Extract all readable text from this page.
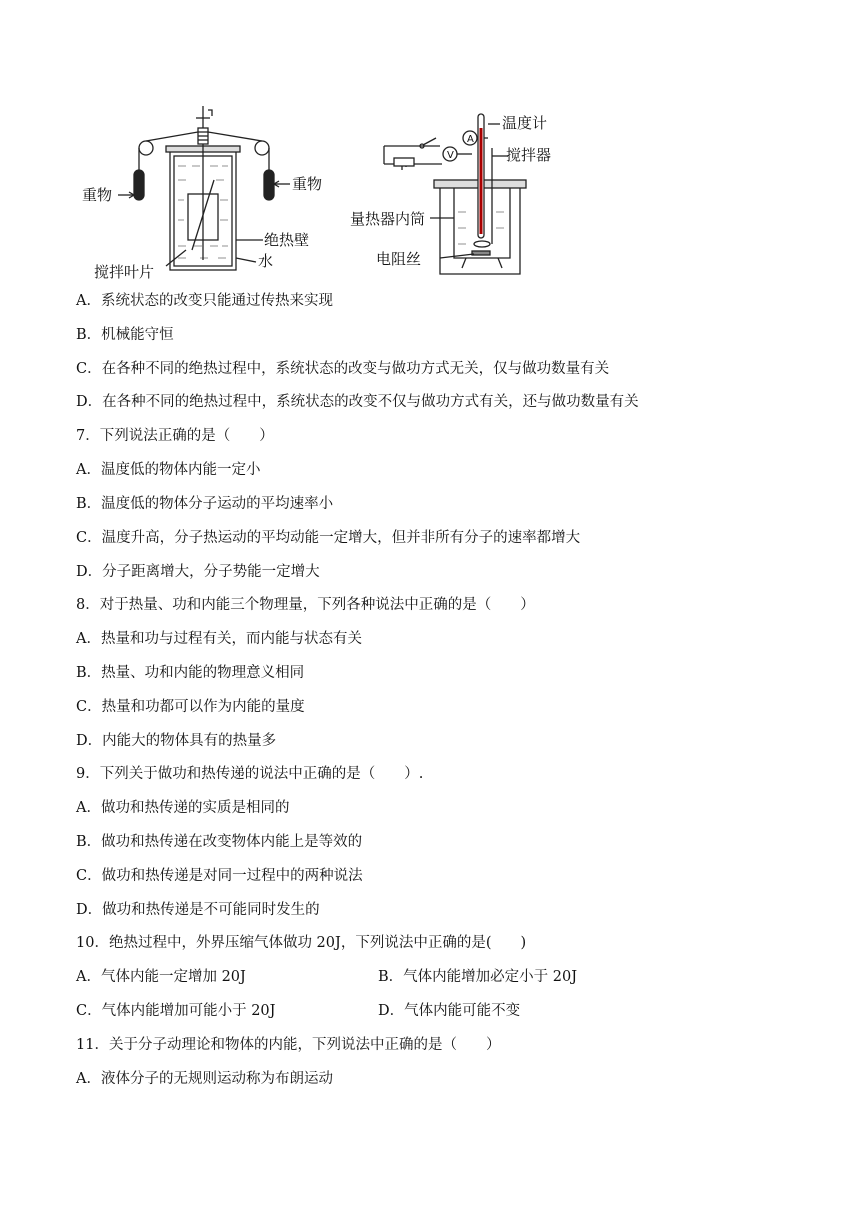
重物
重物
绝热壁
水
搅拌叶片
V
A
温度计
搅拌器
量热器内筒
电阻丝
A．系统状态的改变只能通过传热来实现
B．机械能守恒
C．在各种不同的绝热过程中，系统状态的改变与做功方式无关，仅与做功数量有关
D．在各种不同的绝热过程中，系统状态的改变不仅与做功方式有关，还与做功数量有关
7．下列说法正确的是（　　）
A．温度低的物体内能一定小
B．温度低的物体分子运动的平均速率小
C．温度升高，分子热运动的平均动能一定增大，但并非所有分子的速率都增大
D．分子距离增大，分子势能一定增大
8．对于热量、功和内能三个物理量，下列各种说法中正确的是（　　）
A．热量和功与过程有关，而内能与状态有关
B．热量、功和内能的物理意义相同
C．热量和功都可以作为内能的量度
D．内能大的物体具有的热量多
9．下列关于做功和热传递的说法中正确的是（　　）.
A．做功和热传递的实质是相同的
B．做功和热传递在改变物体内能上是等效的
C．做功和热传递是对同一过程中的两种说法
D．做功和热传递是不可能同时发生的
10．绝热过程中，外界压缩气体做功 20J，下列说法中正确的是(　　)
A．气体内能一定增加 20J	B．气体内能增加必定小于 20J
C．气体内能增加可能小于 20J	D．气体内能可能不变
11．关于分子动理论和物体的内能，下列说法中正确的是（　　）
A．液体分子的无规则运动称为布朗运动
